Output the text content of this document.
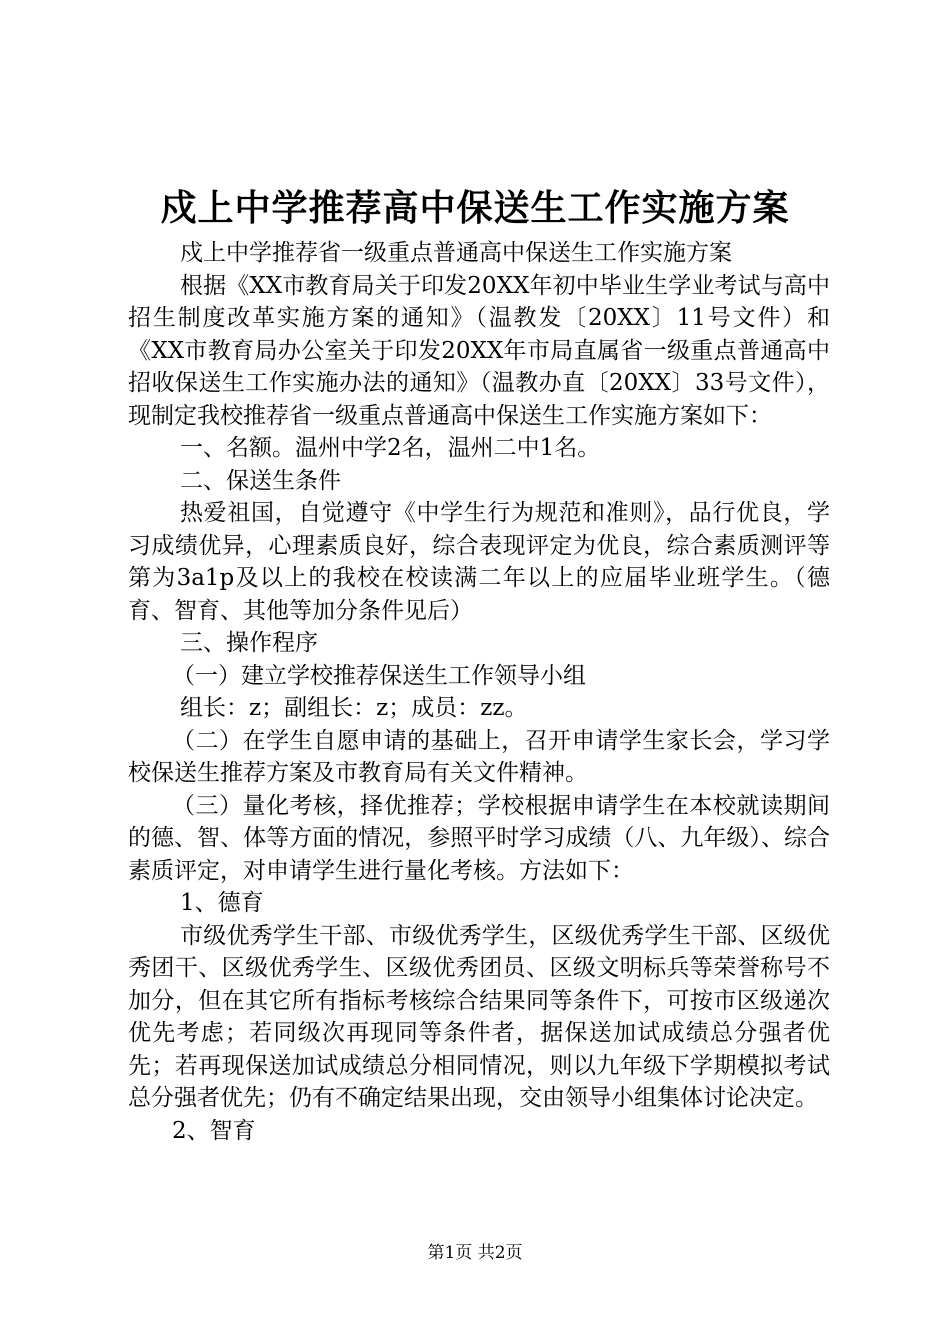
戍上中学推荐高中保送生工作实施方案

戍上中学推荐省一级重点普通高中保送生工作实施方案

根据《XX市教育局关于印发20XX年初中毕业生学业考试与高中招生制度改革实施方案的通知》（温教发〔20XX〕11号文件）和《XX市教育局办公室关于印发20XX年市局直属省一级重点普通高中招收保送生工作实施办法的通知》（温教办直〔20XX〕33号文件），现制定我校推荐省一级重点普通高中保送生工作实施方案如下：

一、名额。温州中学2名，温州二中1名。

二、保送生条件

热爱祖国，自觉遵守《中学生行为规范和准则》，品行优良，学习成绩优异，心理素质良好，综合表现评定为优良，综合素质测评等第为3a1p及以上的我校在校读满二年以上的应届毕业班学生。（德育、智育、其他等加分条件见后）

三、操作程序

（一）建立学校推荐保送生工作领导小组

组长：z；副组长：z；成员：zz。

（二）在学生自愿申请的基础上，召开申请学生家长会，学习学校保送生推荐方案及市教育局有关文件精神。

（三）量化考核，择优推荐；学校根据申请学生在本校就读期间的德、智、体等方面的情况，参照平时学习成绩（八、九年级）、综合素质评定，对申请学生进行量化考核。方法如下：

1、德育

市级优秀学生干部、市级优秀学生，区级优秀学生干部、区级优秀团干、区级优秀学生、区级优秀团员、区级文明标兵等荣誉称号不加分，但在其它所有指标考核综合结果同等条件下，可按市区级递次优先考虑；若同级次再现同等条件者，据保送加试成绩总分强者优先；若再现保送加试成绩总分相同情况，则以九年级下学期模拟考试总分强者优先；仍有不确定结果出现，交由领导小组集体讨论决定。

2、智育

第1页 共2页
